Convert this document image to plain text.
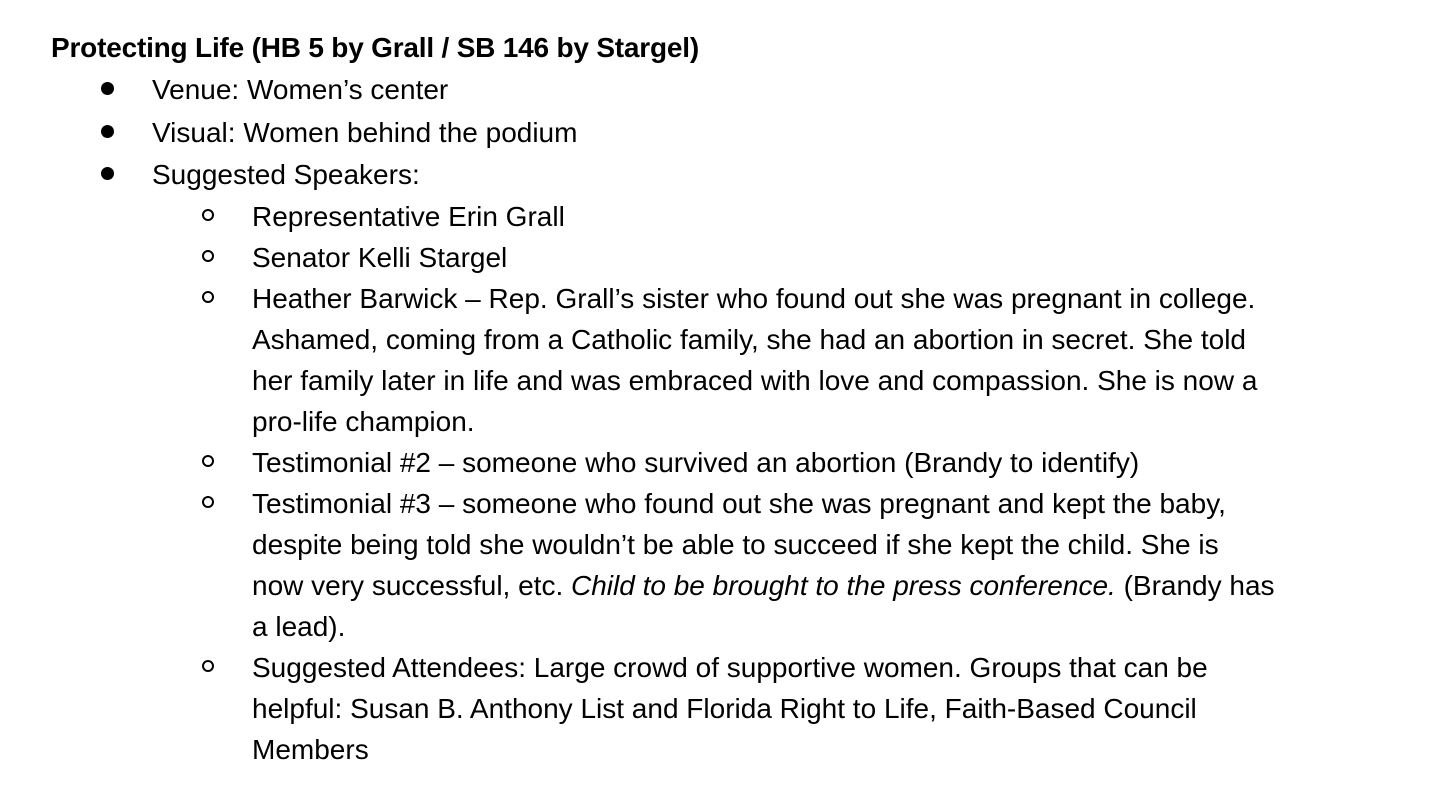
Protecting Life (HB 5 by Grall / SB 146 by Stargel)
Venue: Women’s center
Visual: Women behind the podium
Suggested Speakers:
Representative Erin Grall
Senator Kelli Stargel
Heather Barwick – Rep. Grall’s sister who found out she was pregnant in college.
Ashamed, coming from a Catholic family, she had an abortion in secret. She told
her family later in life and was embraced with love and compassion. She is now a
pro-life champion.
Testimonial #2 – someone who survived an abortion (Brandy to identify)
Testimonial #3 – someone who found out she was pregnant and kept the baby,
despite being told she wouldn’t be able to succeed if she kept the child. She is
now very successful, etc. Child to be brought to the press conference. (Brandy has
a lead).
Suggested Attendees: Large crowd of supportive women. Groups that can be
helpful: Susan B. Anthony List and Florida Right to Life, Faith-Based Council
Members
